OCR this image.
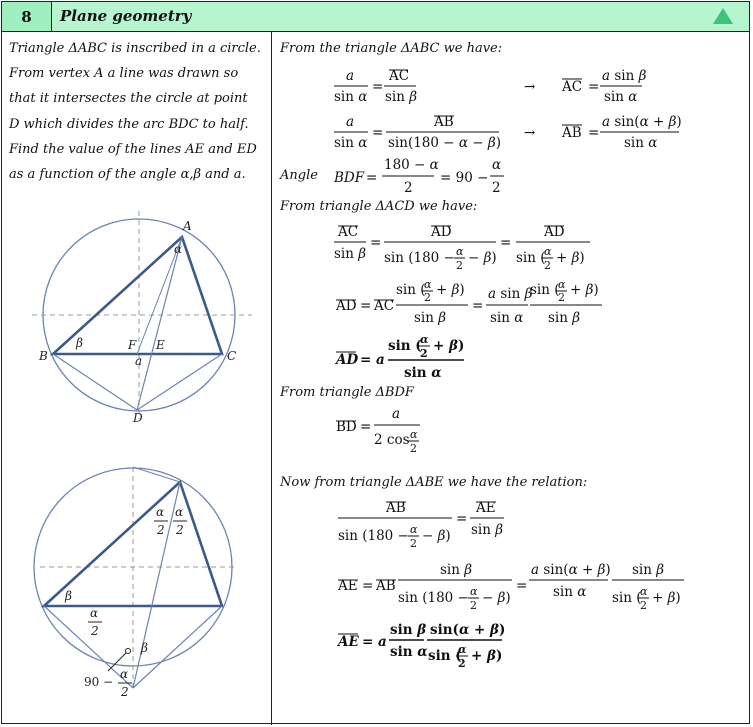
8	Plane geometry
Triangle ΔABC is inscribed in a circle.
From vertex A a line was drawn so
that it intersectes the circle at point
D which divides the arc BDC to half.
Find the value of the lines AE and ED
as a function of the angle α,β and a.
A
α
B
β	F E
a	C
D
α
2
α
2
β
α
2
β
90 −
α
2
From the triangle ΔABC we have:
a
sin α
=
AC
sin β
→ AC =
a sin β
sin α
a
sin α
=
AB
sin(180 − α − β)
→ AB =
a sin(α + β)
sin α
Angle BDF =
180 − α
2
= 90 −
α
2
From triangle ΔACD we have:
AC
sin β
=
AD
sin (180 − α
2 − β)
=
AD
sin (
α
2 + β)
AD = AC
sin (
α
2 + β)
sin β
=
a sin β
sin α
sin (
α
2 + β)
sin β
AD = a
sin (
α
2 + β)
sin α
From triangle ΔBDF
BD =
a
2 cos α
2
Now from triangle ΔABE we have the relation:
AB
sin (180 − α
2 − β)
=
AE
sin β
AE = AB
sin β
sin (180 − α
2 − β)
=
a sin(α + β)
sin α
sin β
sin (
α
2 + β)
AE = a
sin β
sin α
sin(α + β)
sin (
α
2 + β)
